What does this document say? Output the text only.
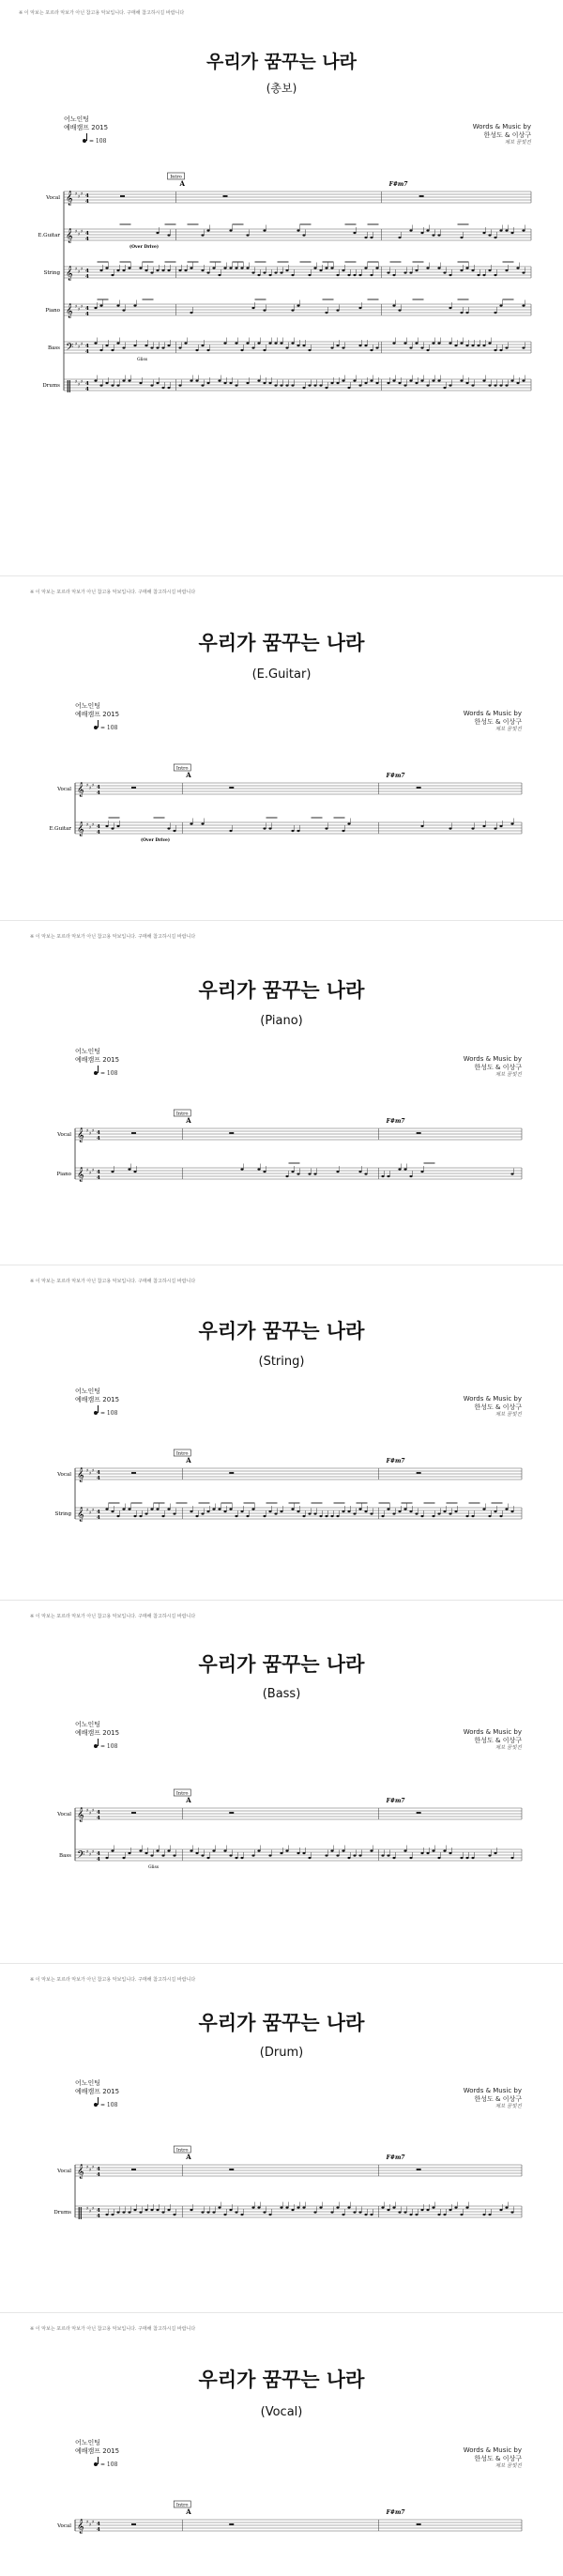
※ 이 악보는 포르라 악보가 아닌 참고용 악보입니다. 구매해 참고하시길 바랍니다
우리가 꿈꾸는 나라
(총보)
어노인팅
예배캠프 2015	Words & Music by
한성도 & 이상구
채보 꿈빛진
= 108
Intro
A	F#m7
Vocal 𝄞 ♯ ♯ ♯ 4
4
E.Guitar 𝄞 ♯ ♯ ♯ 4
4
(Over Drive)
String 𝄞 ♯ ♯ ♯ 4
4
Piano 𝄞 ♯ ♯ ♯ 4
4
Bass 𝄢 ♯ ♯ ♯ 4
4
Gliss
Drums ‖ ♯ ♯ ♯ 4
4
※ 이 악보는 포르라 악보가 아닌 참고용 악보입니다. 구매해 참고하시길 바랍니다
우리가 꿈꾸는 나라
(E.Guitar)
어노인팅
예배캠프 2015	Words & Music by
한성도 & 이상구
채보 꿈빛진
= 108
Intro
A	F#m7
Vocal 𝄞 ♯ ♯ ♯ 4
4
E.Guitar 𝄞 ♯ ♯ ♯ 4
4
(Over Drive)
※ 이 악보는 포르라 악보가 아닌 참고용 악보입니다. 구매해 참고하시길 바랍니다
우리가 꿈꾸는 나라
(Piano)
어노인팅
예배캠프 2015	Words & Music by
한성도 & 이상구
채보 꿈빛진
= 108
Intro
A	F#m7
Vocal 𝄞 ♯ ♯ ♯ 4
4
Piano 𝄞 ♯ ♯ ♯ 4
4
※ 이 악보는 포르라 악보가 아닌 참고용 악보입니다. 구매해 참고하시길 바랍니다
우리가 꿈꾸는 나라
(String)
어노인팅
예배캠프 2015	Words & Music by
한성도 & 이상구
채보 꿈빛진
= 108
Intro
A	F#m7
Vocal 𝄞 ♯ ♯ ♯ 4
4
String 𝄞 ♯ ♯ ♯ 4
4
※ 이 악보는 포르라 악보가 아닌 참고용 악보입니다. 구매해 참고하시길 바랍니다
우리가 꿈꾸는 나라
(Bass)
어노인팅
예배캠프 2015	Words & Music by
한성도 & 이상구
채보 꿈빛진
= 108
Intro
A	F#m7
Vocal 𝄞 ♯ ♯ ♯ 4
4
Bass 𝄢 ♯ ♯ ♯ 4
4
Gliss
※ 이 악보는 포르라 악보가 아닌 참고용 악보입니다. 구매해 참고하시길 바랍니다
우리가 꿈꾸는 나라
(Drum)
어노인팅
예배캠프 2015	Words & Music by
한성도 & 이상구
채보 꿈빛진
= 108
Intro
A	F#m7
Vocal 𝄞 ♯ ♯ ♯ 4
4
Drums ‖ ♯ ♯ ♯ 4
4
※ 이 악보는 포르라 악보가 아닌 참고용 악보입니다. 구매해 참고하시길 바랍니다
우리가 꿈꾸는 나라
(Vocal)
어노인팅
예배캠프 2015	Words & Music by
한성도 & 이상구
채보 꿈빛진
= 108
Intro
A	F#m7
Vocal 𝄞 ♯ ♯ ♯ 4
4
